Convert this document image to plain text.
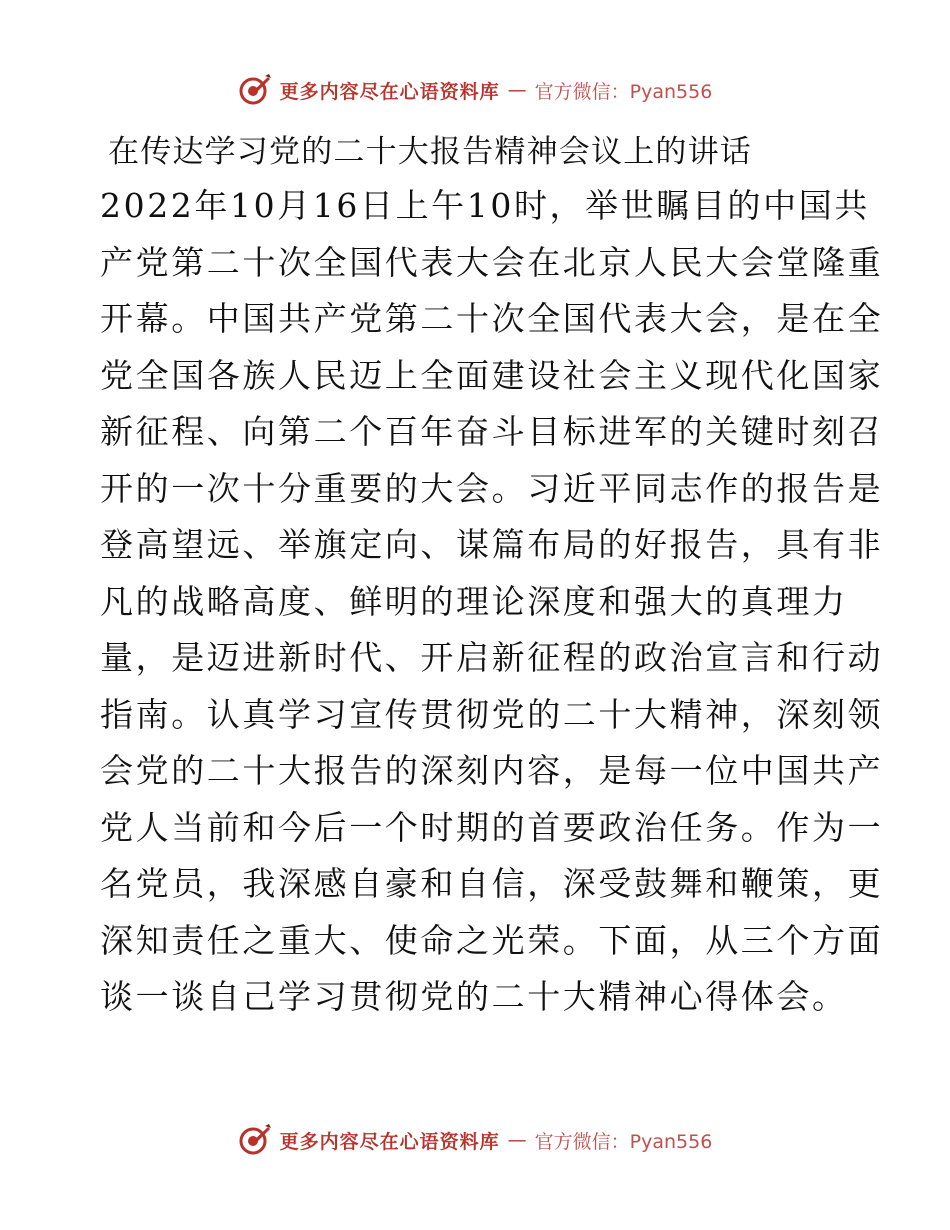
更多内容尽在心语资料库 — 官方微信：Pyan556
在传达学习党的二十大报告精神会议上的讲话
2022年10月16日上午10时，举世瞩目的中国共
产党第二十次全国代表大会在北京人民大会堂隆重
开幕。中国共产党第二十次全国代表大会，是在全
党全国各族人民迈上全面建设社会主义现代化国家
新征程、向第二个百年奋斗目标进军的关键时刻召
开的一次十分重要的大会。习近平同志作的报告是
登高望远、举旗定向、谋篇布局的好报告，具有非
凡的战略高度、鲜明的理论深度和强大的真理力
量，是迈进新时代、开启新征程的政治宣言和行动
指南。认真学习宣传贯彻党的二十大精神，深刻领
会党的二十大报告的深刻内容，是每一位中国共产
党人当前和今后一个时期的首要政治任务。作为一
名党员，我深感自豪和自信，深受鼓舞和鞭策，更
深知责任之重大、使命之光荣。下面，从三个方面
谈一谈自己学习贯彻党的二十大精神心得体会。
更多内容尽在心语资料库 — 官方微信：Pyan556
